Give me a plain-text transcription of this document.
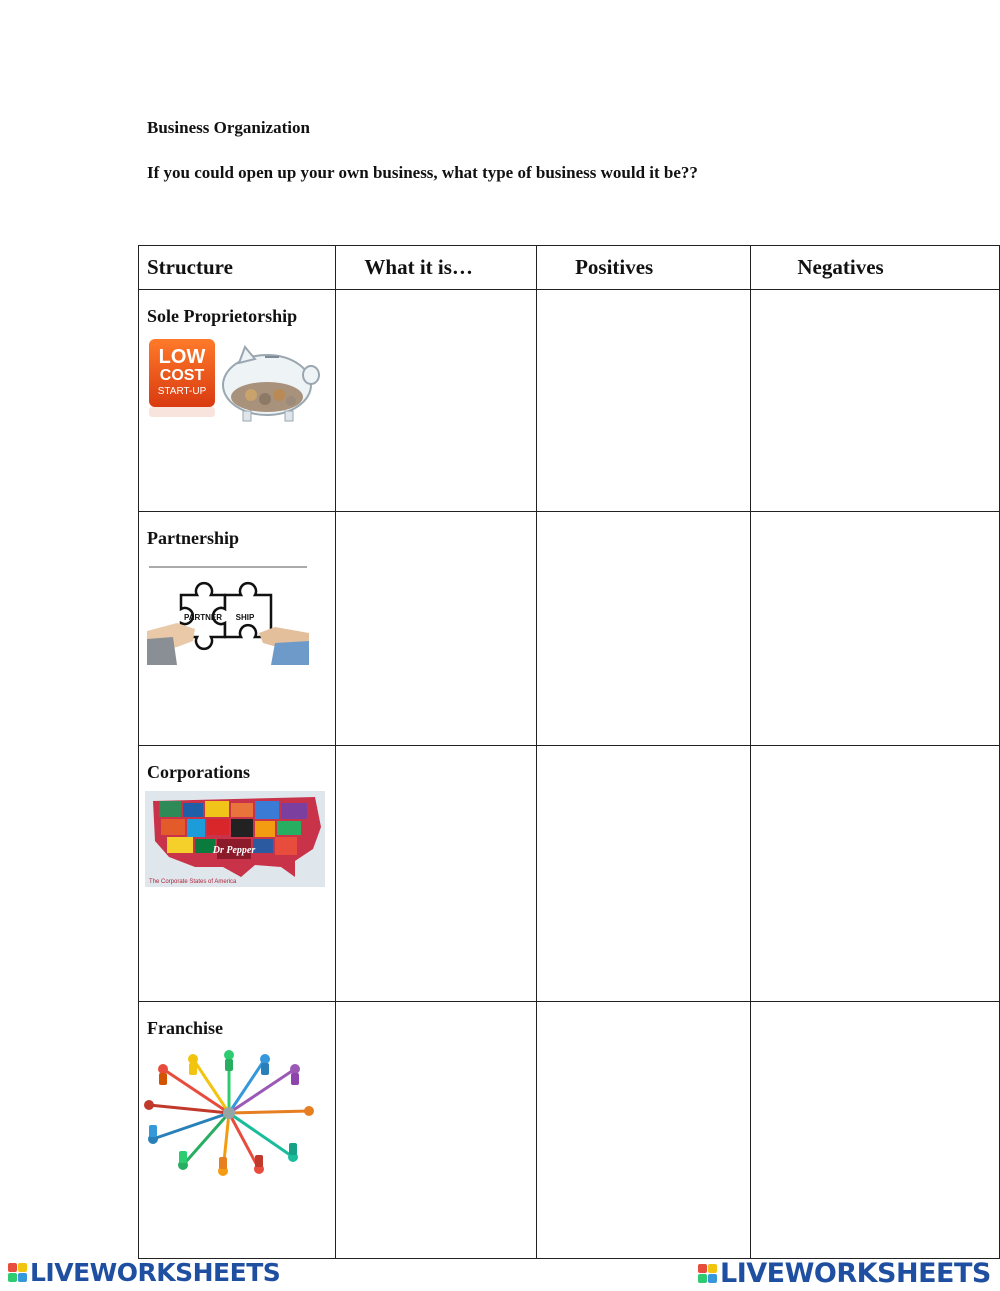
Business Organization
If you could open up your own business, what type of business would it be??
Structure	What it is…	Positives	Negatives

Sole Proprietorship
LOW
COST
START-UP			

Partnership
PARTNER SHIP			

Corporations
Dr Pepper
The Corporate States of America			

Franchise			

LIVEWORKSHEETS	LIVEWORKSHEETS
